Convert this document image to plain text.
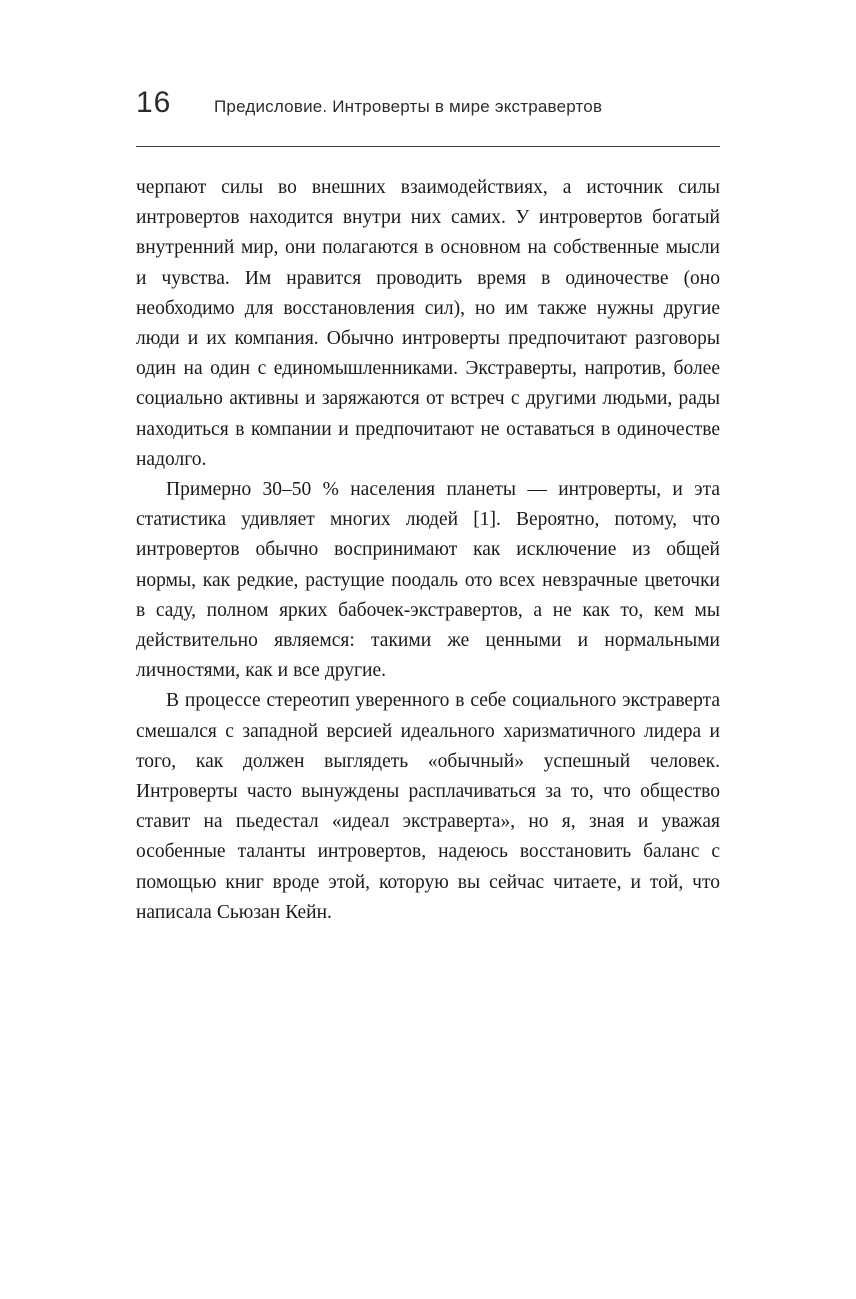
16	Предисловие. Интроверты в мире экстравертов

черпают силы во внешних взаимодействиях, а источник силы интровертов находится внутри них самих. У интровертов богатый внутренний мир, они полагаются в основном на собственные мысли и чувства. Им нравится проводить время в одиночестве (оно необходимо для восстановления сил), но им также нужны другие люди и их компания. Обычно интроверты предпочитают разговоры один на один с единомышленниками. Экстраверты, напротив, более социально активны и заряжаются от встреч с другими людьми, рады находиться в компании и предпочитают не оставаться в одиночестве надолго.

Примерно 30–50 % населения планеты — интроверты, и эта статистика удивляет многих людей [1]. Вероятно, потому, что интровертов обычно воспринимают как исключение из общей нормы, как редкие, растущие поодаль ото всех невзрачные цветочки в саду, полном ярких бабочек-экстравертов, а не как то, кем мы действительно являемся: такими же ценными и нормальными личностями, как и все другие.

В процессе стереотип уверенного в себе социального экстраверта смешался с западной версией идеального харизматичного лидера и того, как должен выглядеть «обычный» успешный человек. Интроверты часто вынуждены расплачиваться за то, что общество ставит на пьедестал «идеал экстраверта», но я, зная и уважая особенные таланты интровертов, надеюсь восстановить баланс с помощью книг вроде этой, которую вы сейчас читаете, и той, что написала Сьюзан Кейн.
